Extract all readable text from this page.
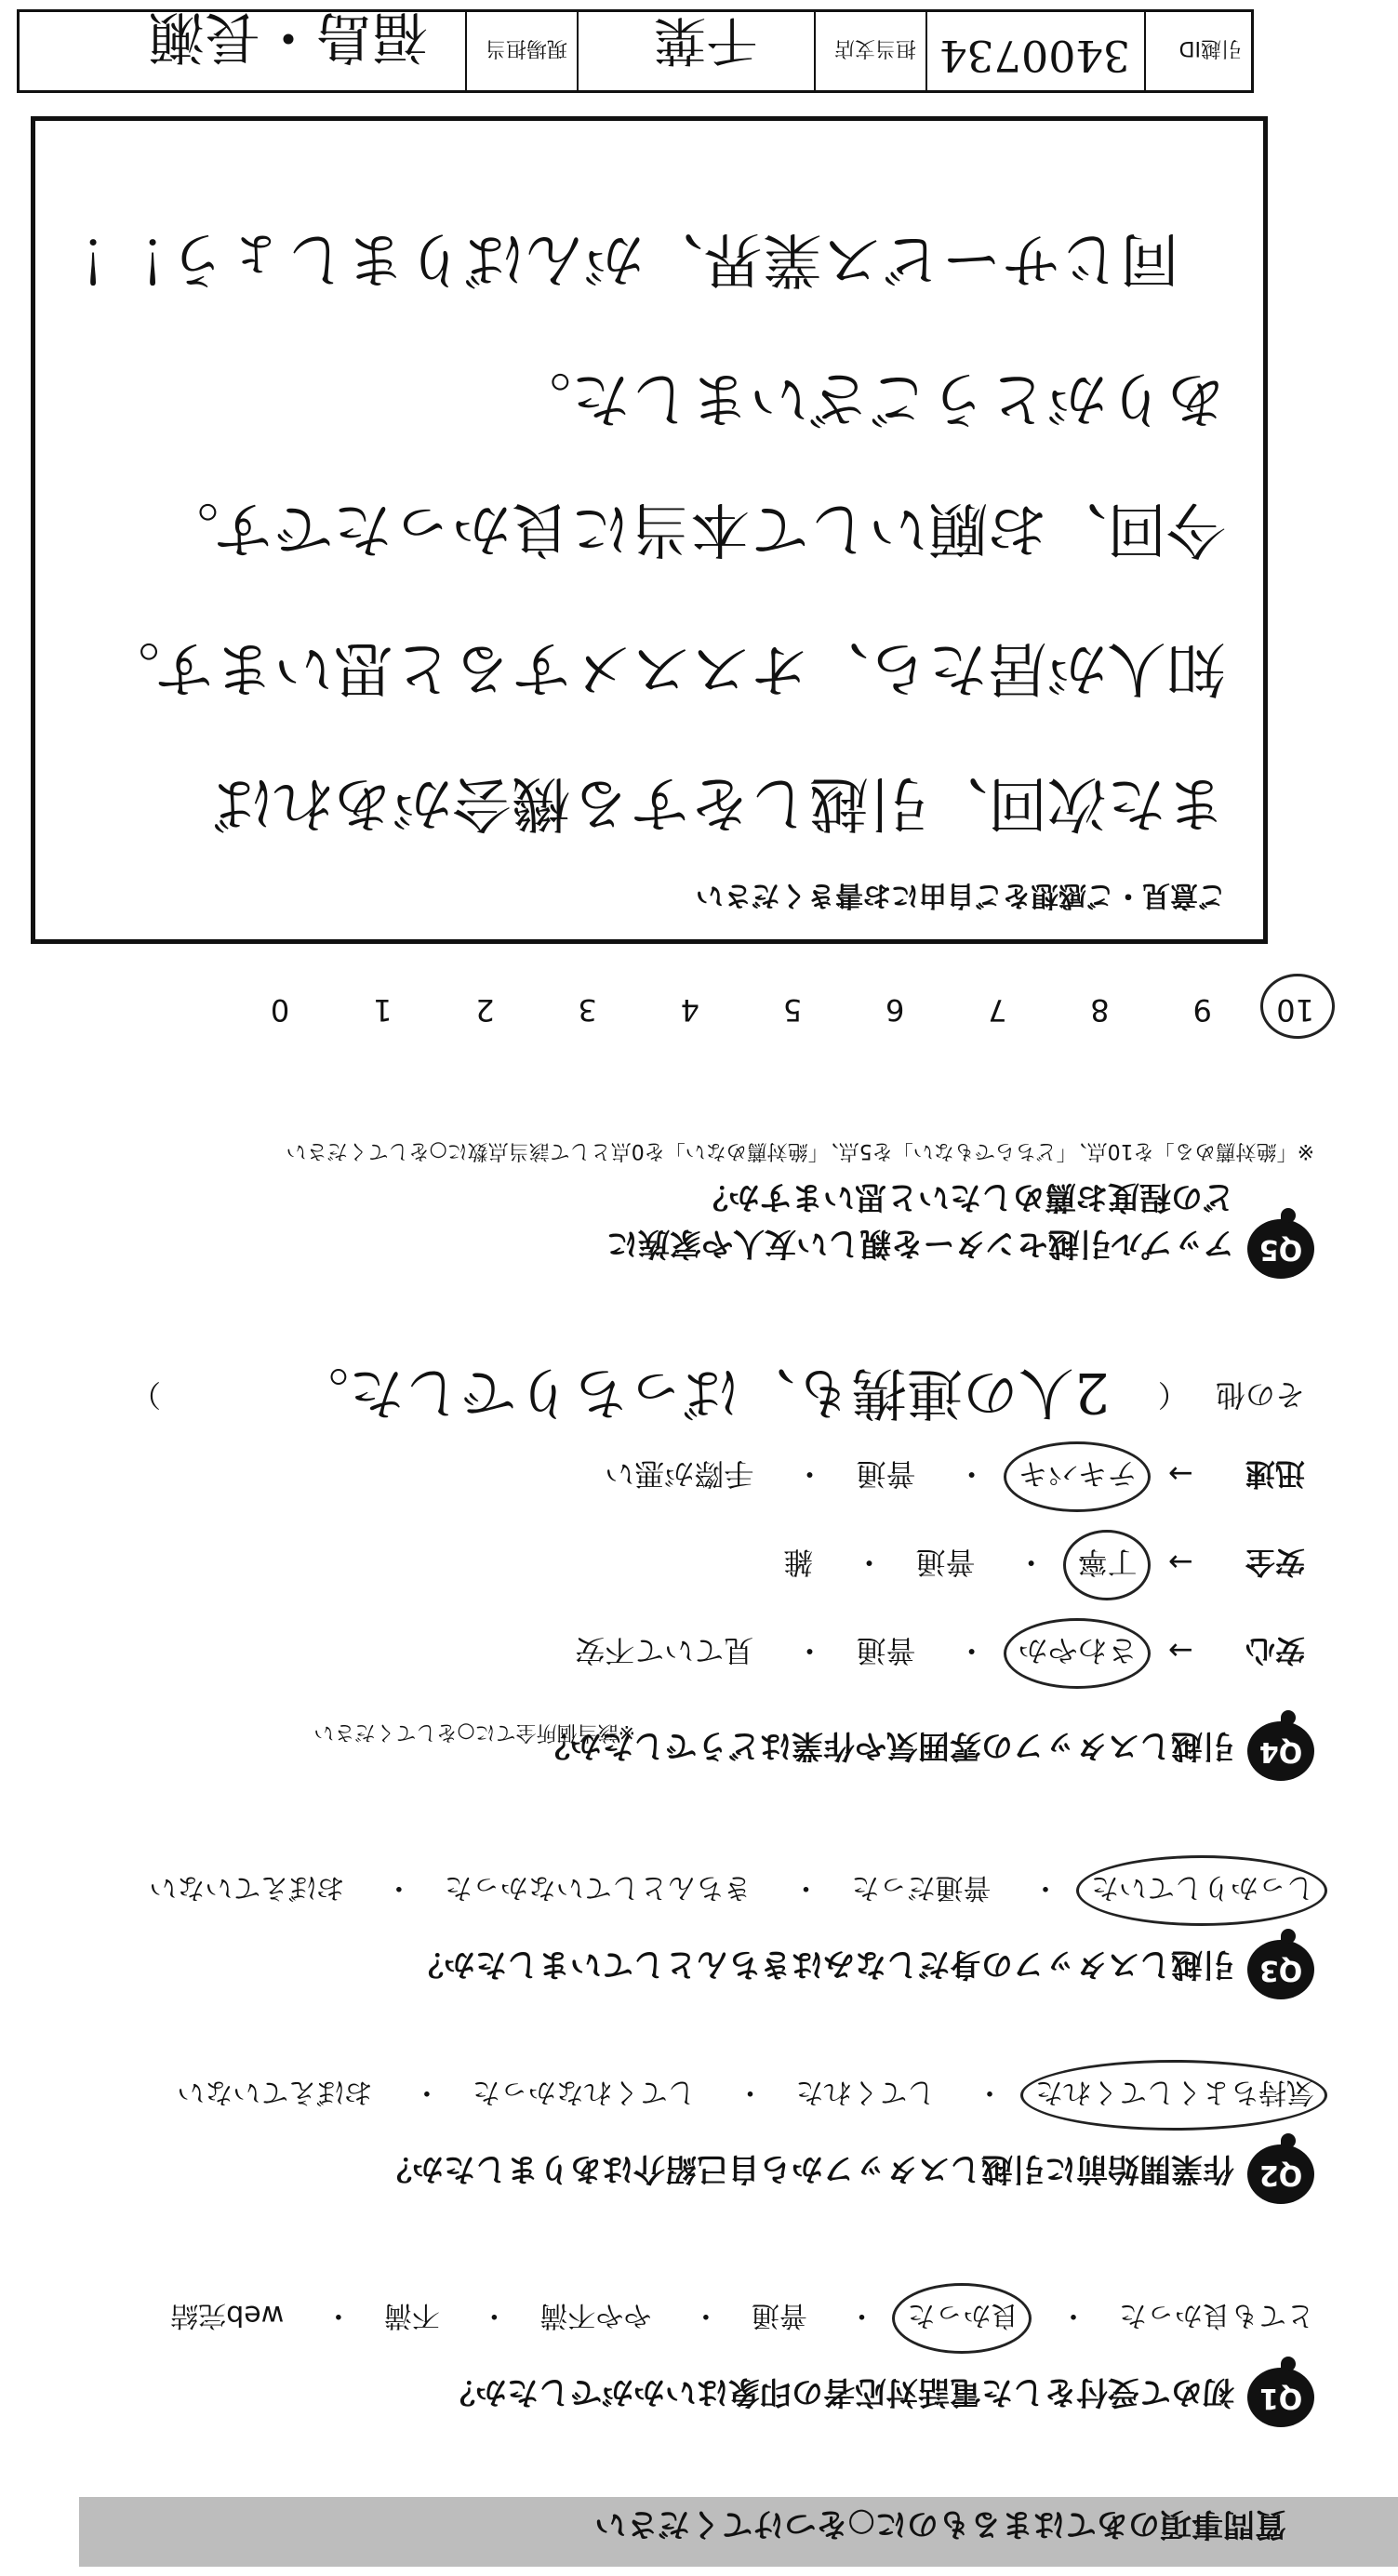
質問事項のあてはまるものに○をつけてください
Q1
初めて受付をした電話対応者の印象はいかがでしたか？
とても良かった・ 良かった・ 普通・ やや不満・ 不満・ web完結
Q2
作業開始前に引越しスタッフから自己紹介はありましたか？
気持ちよくしてくれた・ してくれた・ してくれなかった・ おぼえていない
Q3
引越しスタッフの身だしなみはきちんとしていましたか？
しっかりしていた・ 普通だった・ きちんとしていなかった・ おぼえていない
Q4
引越しスタッフの雰囲気や作業はどうでしたか？
※該当個所全てに○をしてください
安心 → さわやか・ 普通・ 見ていて不安
安全 → 丁寧・ 普通・ 雑
迅速 → テキパキ・ 普通・ 手際が悪い
その他 （
2人の連携も、ばっちりでした。
）
Q5
アップル引越センターを親しい友人や家族に
どの程度お薦めしたいと思いますか？
※「絶対薦める」を10点、「どちらでもない」を5点、「絶対薦めない」を0点として該当点数に○をしてください
10 9 8 7 6 5 4 3 2 1 0
ご意見・ご感想をご自由にお書きください
また次回、引越しをする機会があれば
知人が居たら、オススメすると思います。
今回、お願いして本当に良かったです。
ありがとうございました。
同じサービス業界、がんばりましょう！！
引越ID
3400734
担当支店
千葉
現場担当
福島・長瀬
